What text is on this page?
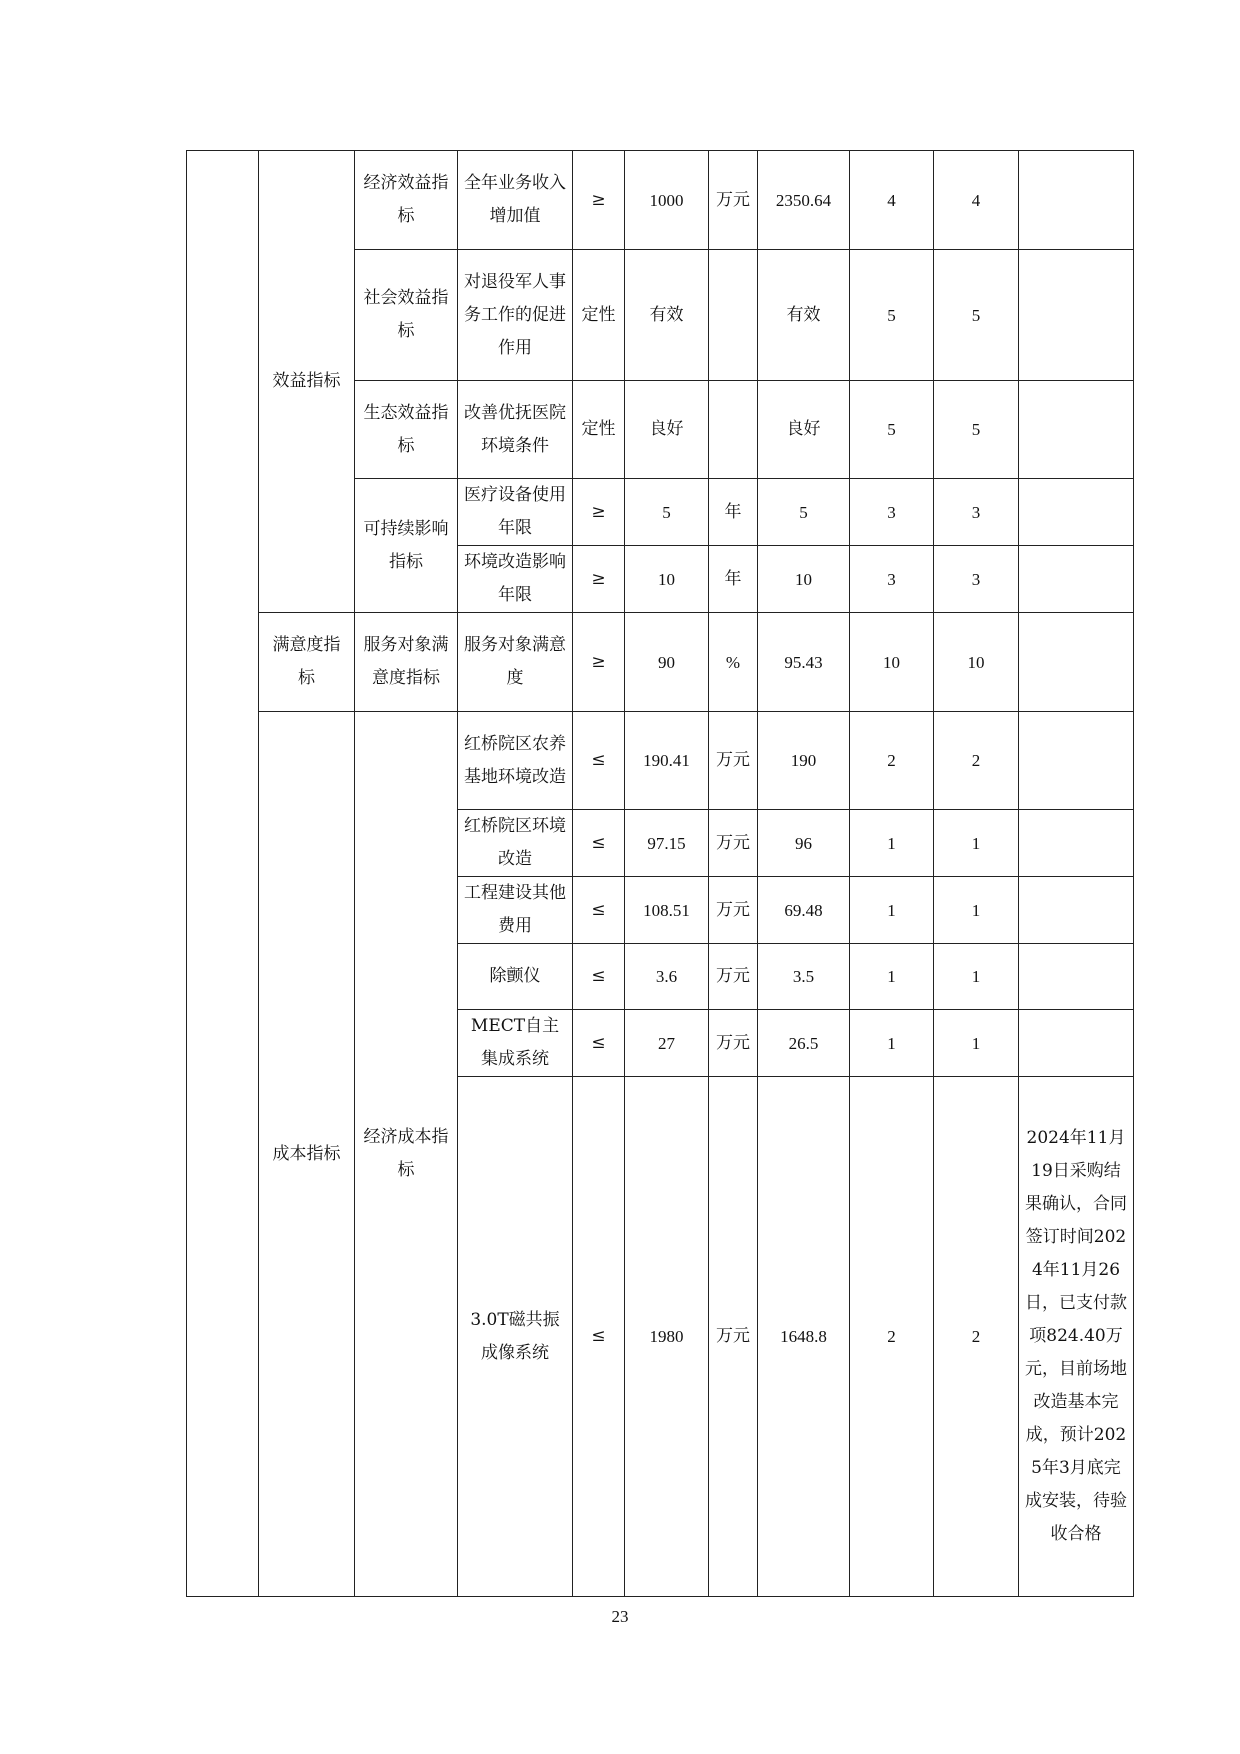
	效益指标	经济效益指标	全年业务收入增加值	≥	1000	万元	2350.64	4	4	
		社会效益指标	对退役军人事务工作的促进作用	定性	有效		有效	5	5	
		生态效益指标	改善优抚医院环境条件	定性	良好		良好	5	5	
		可持续影响指标	医疗设备使用年限	≥	5	年	5	3	3	
			环境改造影响年限	≥	10	年	10	3	3	
	满意度指标	服务对象满意度指标	服务对象满意度	≥	90	%	95.43	10	10	
	成本指标	经济成本指标	红桥院区农养基地环境改造	≤	190.41	万元	190	2	2	
			红桥院区环境改造	≤	97.15	万元	96	1	1	
			工程建设其他费用	≤	108.51	万元	69.48	1	1	
			除颤仪	≤	3.6	万元	3.5	1	1	
			MECT自主集成系统	≤	27	万元	26.5	1	1	
			3.0T磁共振成像系统	≤	1980	万元	1648.8	2	2	2024年11月19日采购结果确认，合同签订时间2024年11月26日，已支付款项824.40万元，目前场地改造基本完成，预计2025年3月底完成安装，待验收合格
23
